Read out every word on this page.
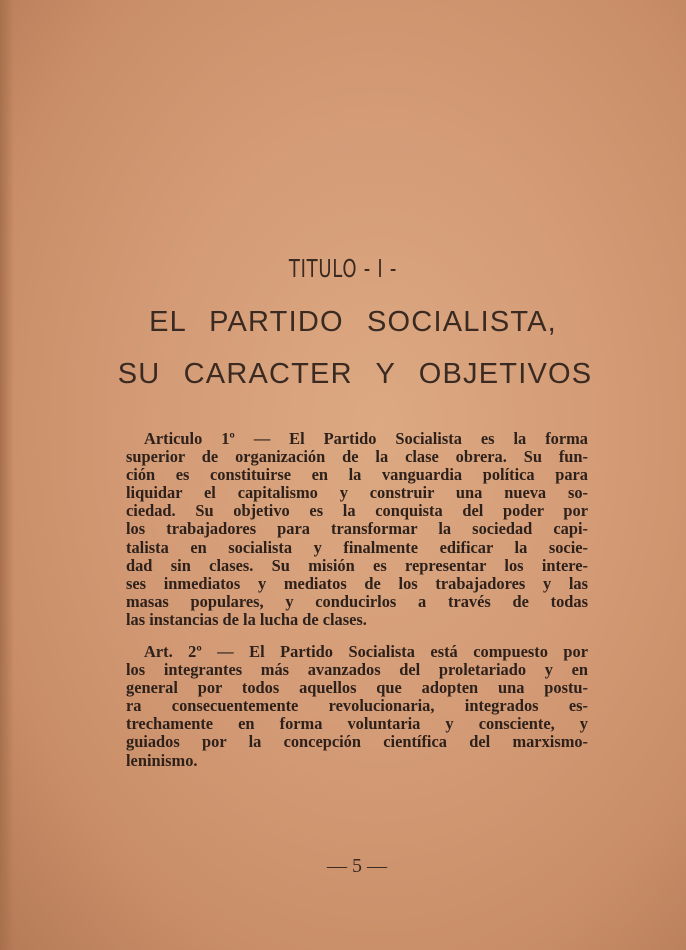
TITULO - I -
EL PARTIDO SOCIALISTA,
SU CARACTER Y OBJETIVOS
Articulo 1º — El Partido Socialista es la forma
superior de organización de la clase obrera. Su fun-
ción es constituirse en la vanguardia política para
liquidar el capitalismo y construir una nueva so-
ciedad. Su objetivo es la conquista del poder por
los trabajadores para transformar la sociedad capi-
talista en socialista y finalmente edificar la socie-
dad sin clases. Su misión es representar los intere-
ses inmediatos y mediatos de los trabajadores y las
masas populares, y conducirlos a través de todas
las instancias de la lucha de clases.
Art. 2º — El Partido Socialista está compuesto por
los integrantes más avanzados del proletariado y en
general por todos aquellos que adopten una postu-
ra consecuentemente revolucionaria, integrados es-
trechamente en forma voluntaria y consciente, y
guiados por la concepción científica del marxismo-
leninismo.
— 5 —
